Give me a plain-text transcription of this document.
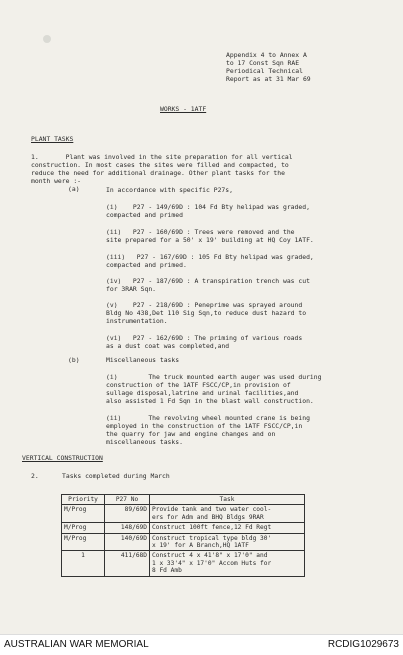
Appendix 4 to Annex A
to 17 Const Sqn RAE
Periodical Technical
Report as at 31 Mar 69
WORKS - 1ATF
PLANT TASKS
1.       Plant was involved in the site preparation for all vertical
construction. In most cases the sites were filled and compacted, to
reduce the need for additional drainage. Other plant tasks for the
month were :-
(a)	In accordance with specific P27s,
(i)    P27 - 149/69D : 104 Fd Bty helipad was graded,
compacted and primed
(ii)   P27 - 160/69D : Trees were removed and the
site prepared for a 50' x 19' building at HQ Coy 1ATF.
(iii)   P27 - 167/69D : 105 Fd Bty helipad was graded,
compacted and primed.
(iv)   P27 - 187/69D : A transpiration trench was cut
for 3RAR Sqn.
(v)    P27 - 218/69D : Peneprime was sprayed around
Bldg No 438,Det 110 Sig Sqn,to reduce dust hazard to
instrumentation.
(vi)   P27 - 162/69D : The priming of various roads
as a dust coat was completed,and
(b)	Miscellaneous tasks
(i)        The truck mounted earth auger was used during
construction of the 1ATF FSCC/CP,in provision of
sullage disposal,latrine and urinal facilities,and
also assisted 1 Fd Sqn in the blast wall construction.
(ii)       The revolving wheel mounted crane is being
employed in the construction of the 1ATF FSCC/CP,in
the quarry for jaw and engine changes and on
miscellaneous tasks.
VERTICAL CONSTRUCTION
2.	Tasks completed during March
Priority	P27 No	Task
M/Prog	89/69D	Provide tank and two water cool-
ers for Adm and BHQ Bldgs 9RAR
M/Prog	148/69D	Construct 100ft fence,12 Fd Regt
M/Prog	140/69D	Construct tropical type bldg 30'
x 19' for A Branch,HQ 1ATF
1	411/68D	Construct 4 x 41'8" x 17'0" and
1 x 33'4" x 17'0" Accom Huts for
8 Fd Amb
AUSTRALIAN WAR MEMORIAL	RCDIG1029673
